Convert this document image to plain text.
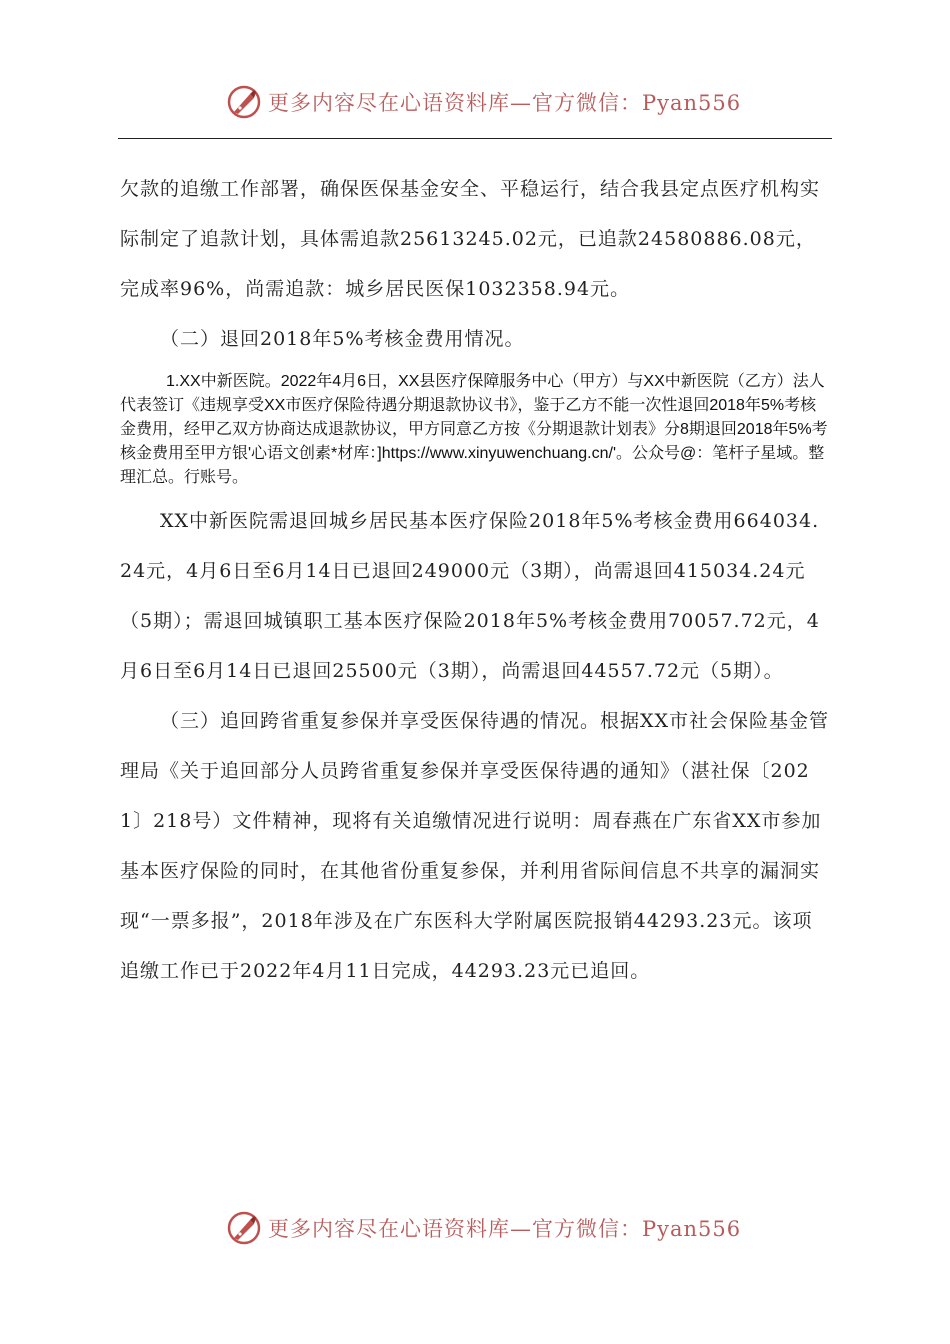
更多内容尽在心语资料库—官方微信：Pyan556

欠款的追缴工作部署，确保医保基金安全、平稳运行，结合我县定点医疗机构实际制定了追款计划，具体需追款25613245.02元，已追款24580886.08元，完成率96%，尚需追款：城乡居民医保1032358.94元。

（二）退回2018年5%考核金费用情况。

1.XX中新医院。2022年4月6日，XX县医疗保障服务中心（甲方）与XX中新医院（乙方）法人代表签订《违规享受XX市医疗保险待遇分期退款协议书》，鉴于乙方不能一次性退回2018年5%考核金费用，经甲乙双方协商达成退款协议，甲方同意乙方按《分期退款计划表》分8期退回2018年5%考核金费用至甲方银'心语文创素*材库：]https://www.xinyuwenchuang.cn/'。公众号@：笔杆子星域。整理汇总。行账号。

XX中新医院需退回城乡居民基本医疗保险2018年5%考核金费用664034.24元，4月6日至6月14日已退回249000元（3期），尚需退回415034.24元（5期）；需退回城镇职工基本医疗保险2018年5%考核金费用70057.72元，4月6日至6月14日已退回25500元（3期），尚需退回44557.72元（5期）。

（三）追回跨省重复参保并享受医保待遇的情况。根据XX市社会保险基金管理局《关于追回部分人员跨省重复参保并享受医保待遇的通知》（湛社保〔2021〕218号）文件精神，现将有关追缴情况进行说明：周春燕在广东省XX市参加基本医疗保险的同时，在其他省份重复参保，并利用省际间信息不共享的漏洞实现“一票多报”，2018年涉及在广东医科大学附属医院报销44293.23元。该项追缴工作已于2022年4月11日完成，44293.23元已追回。

更多内容尽在心语资料库—官方微信：Pyan556
